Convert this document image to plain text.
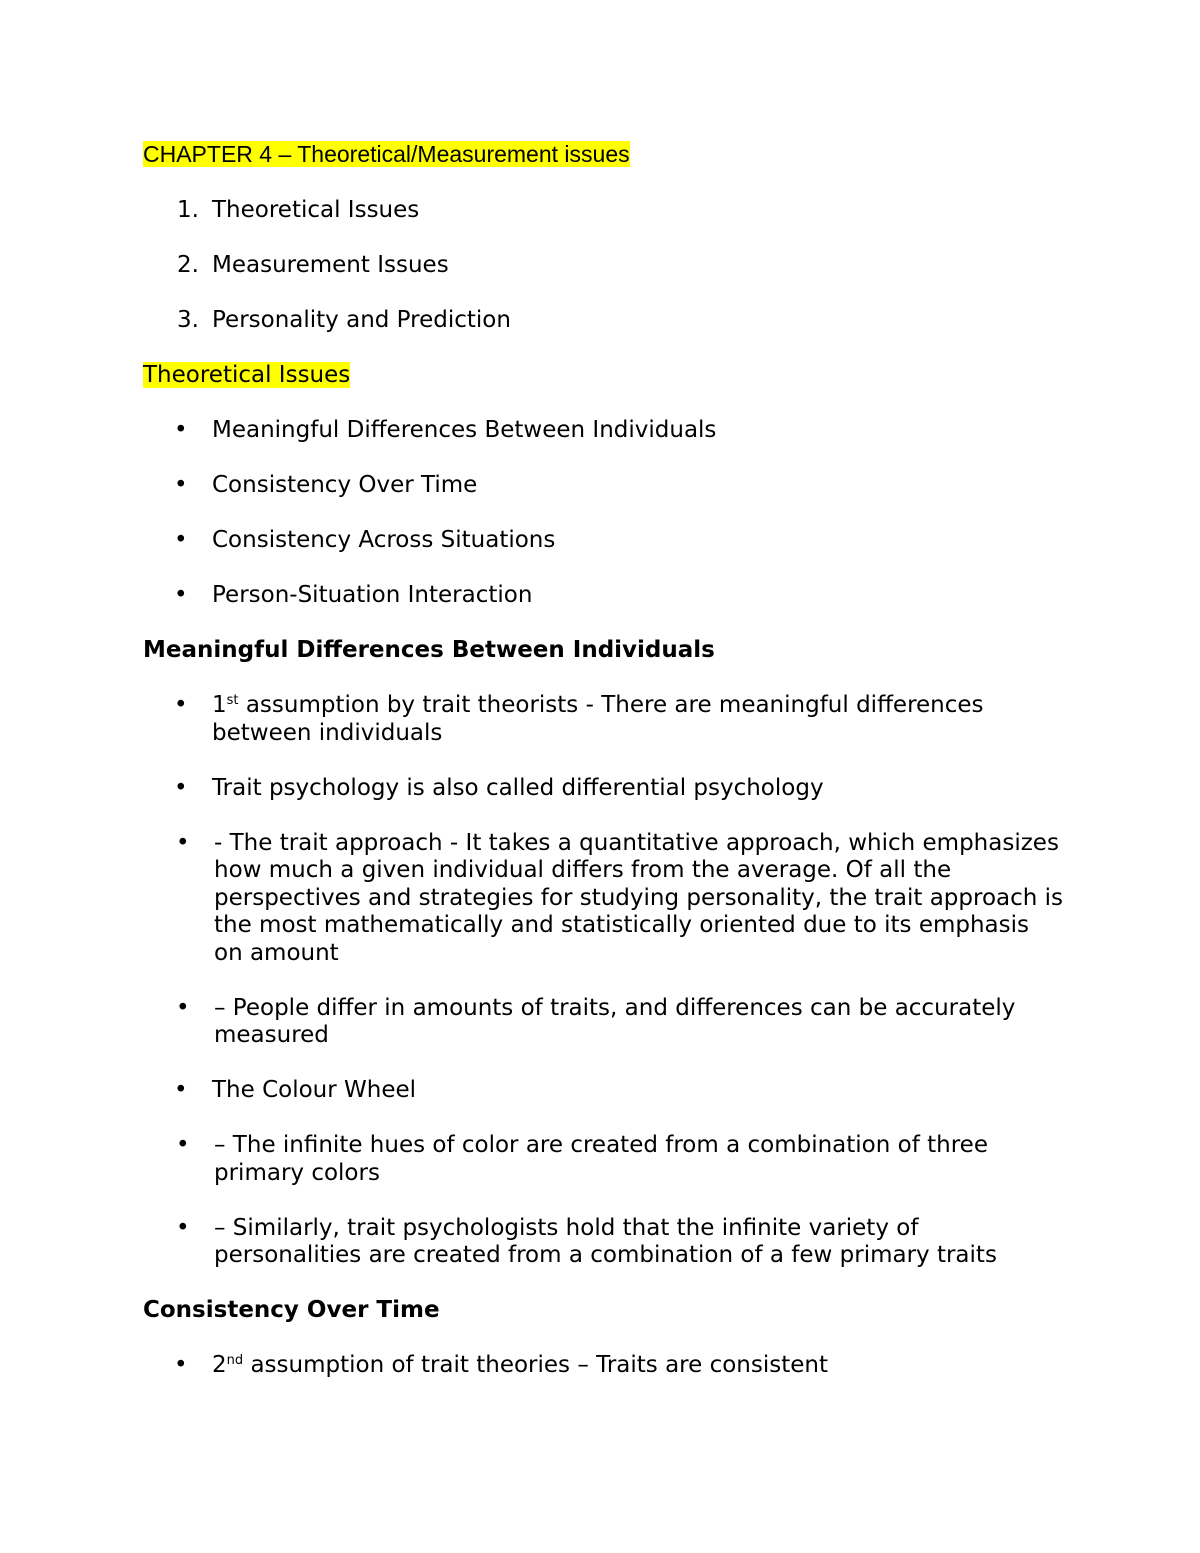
CHAPTER 4 – Theoretical/Measurement issues
1. Theoretical Issues
2. Measurement Issues
3. Personality and Prediction
Theoretical Issues
• Meaningful Differences Between Individuals
• Consistency Over Time
• Consistency Across Situations
• Person-Situation Interaction
Meaningful Differences Between Individuals
• 1st assumption by trait theorists - There are meaningful differences between individuals
• Trait psychology is also called differential psychology
• - The trait approach - It takes a quantitative approach, which emphasizes how much a given individual differs from the average. Of all the perspectives and strategies for studying personality, the trait approach is the most mathematically and statistically oriented due to its emphasis on amount
• – People differ in amounts of traits, and differences can be accurately measured
• The Colour Wheel
• – The infinite hues of color are created from a combination of three primary colors
• – Similarly, trait psychologists hold that the infinite variety of personalities are created from a combination of a few primary traits
Consistency Over Time
• 2nd assumption of trait theories – Traits are consistent
